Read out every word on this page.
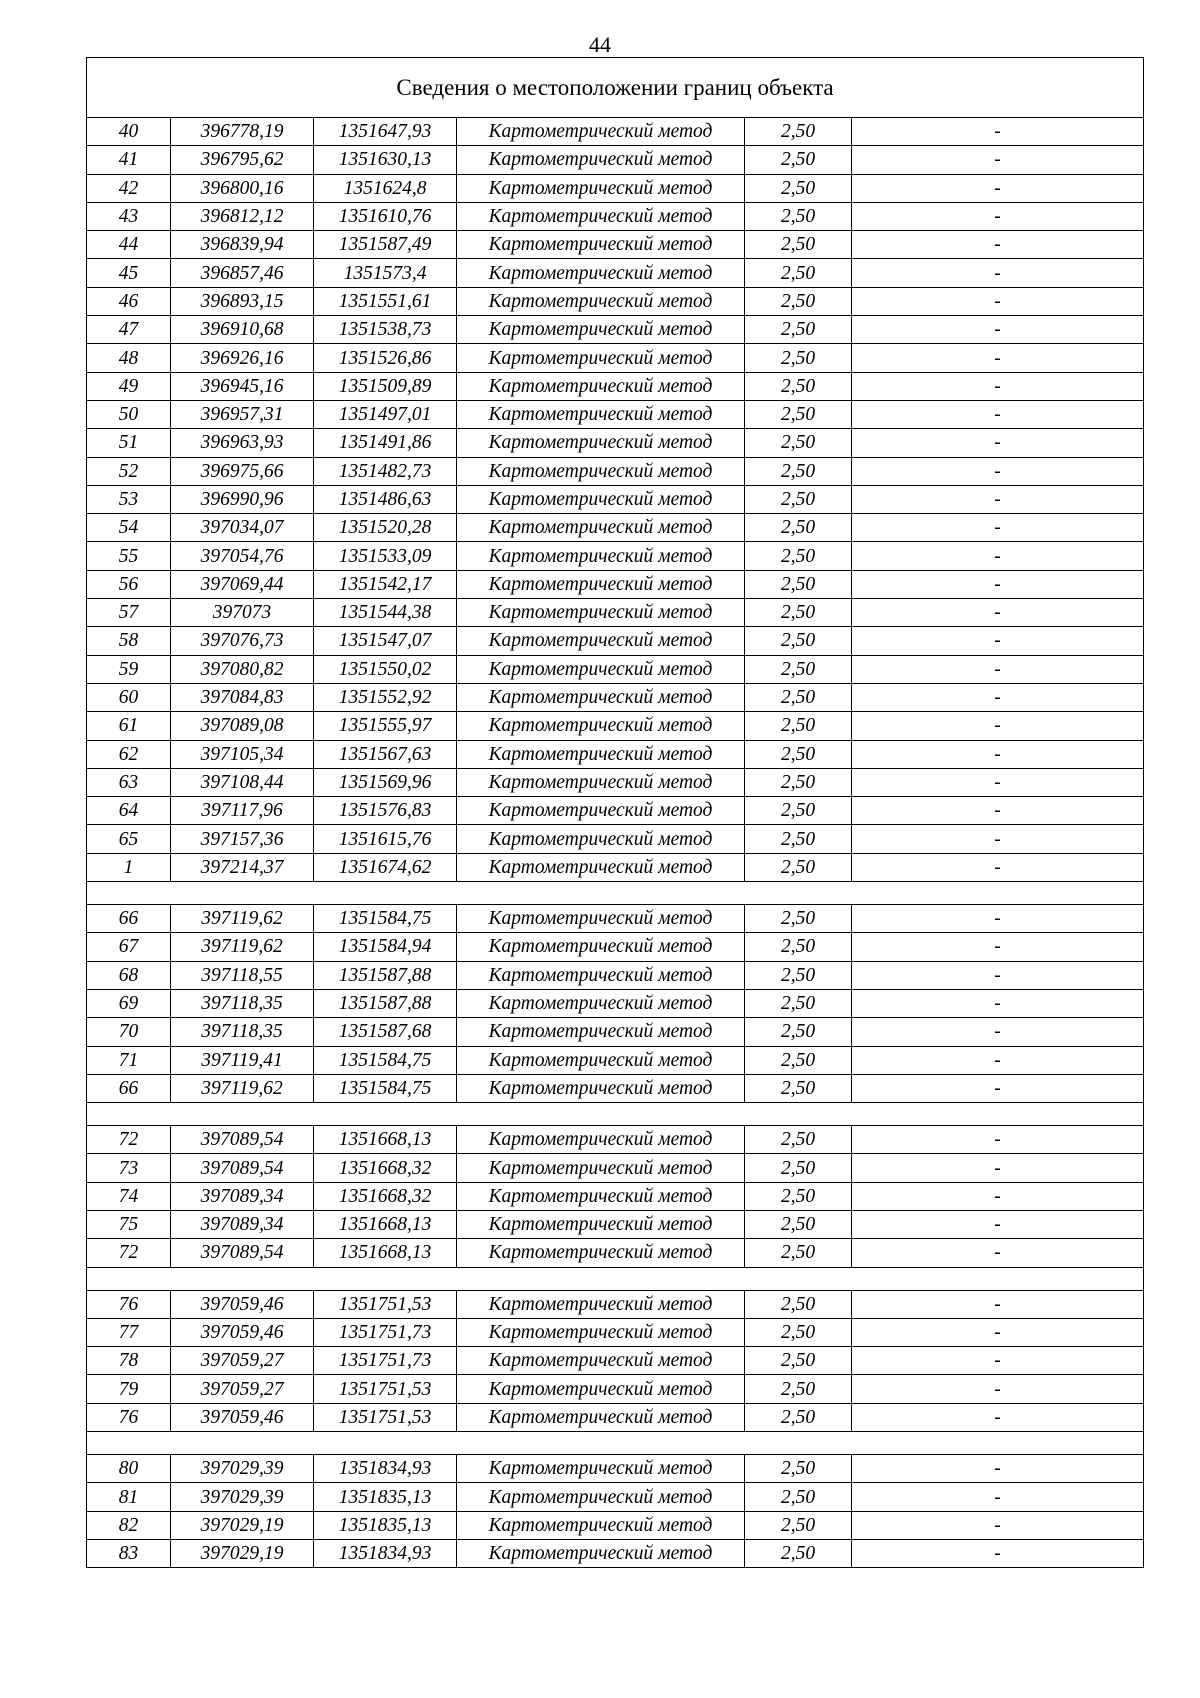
44
Сведения о местоположении границ объекта					
40	396778,19	1351647,93	Картометрический метод	2,50	-
41	396795,62	1351630,13	Картометрический метод	2,50	-
42	396800,16	1351624,8	Картометрический метод	2,50	-
43	396812,12	1351610,76	Картометрический метод	2,50	-
44	396839,94	1351587,49	Картометрический метод	2,50	-
45	396857,46	1351573,4	Картометрический метод	2,50	-
46	396893,15	1351551,61	Картометрический метод	2,50	-
47	396910,68	1351538,73	Картометрический метод	2,50	-
48	396926,16	1351526,86	Картометрический метод	2,50	-
49	396945,16	1351509,89	Картометрический метод	2,50	-
50	396957,31	1351497,01	Картометрический метод	2,50	-
51	396963,93	1351491,86	Картометрический метод	2,50	-
52	396975,66	1351482,73	Картометрический метод	2,50	-
53	396990,96	1351486,63	Картометрический метод	2,50	-
54	397034,07	1351520,28	Картометрический метод	2,50	-
55	397054,76	1351533,09	Картометрический метод	2,50	-
56	397069,44	1351542,17	Картометрический метод	2,50	-
57	397073	1351544,38	Картометрический метод	2,50	-
58	397076,73	1351547,07	Картометрический метод	2,50	-
59	397080,82	1351550,02	Картометрический метод	2,50	-
60	397084,83	1351552,92	Картометрический метод	2,50	-
61	397089,08	1351555,97	Картометрический метод	2,50	-
62	397105,34	1351567,63	Картометрический метод	2,50	-
63	397108,44	1351569,96	Картометрический метод	2,50	-
64	397117,96	1351576,83	Картометрический метод	2,50	-
65	397157,36	1351615,76	Картометрический метод	2,50	-
1	397214,37	1351674,62	Картометрический метод	2,50	-

66	397119,62	1351584,75	Картометрический метод	2,50	-
67	397119,62	1351584,94	Картометрический метод	2,50	-
68	397118,55	1351587,88	Картометрический метод	2,50	-
69	397118,35	1351587,88	Картометрический метод	2,50	-
70	397118,35	1351587,68	Картометрический метод	2,50	-
71	397119,41	1351584,75	Картометрический метод	2,50	-
66	397119,62	1351584,75	Картометрический метод	2,50	-

72	397089,54	1351668,13	Картометрический метод	2,50	-
73	397089,54	1351668,32	Картометрический метод	2,50	-
74	397089,34	1351668,32	Картометрический метод	2,50	-
75	397089,34	1351668,13	Картометрический метод	2,50	-
72	397089,54	1351668,13	Картометрический метод	2,50	-

76	397059,46	1351751,53	Картометрический метод	2,50	-
77	397059,46	1351751,73	Картометрический метод	2,50	-
78	397059,27	1351751,73	Картометрический метод	2,50	-
79	397059,27	1351751,53	Картометрический метод	2,50	-
76	397059,46	1351751,53	Картометрический метод	2,50	-

80	397029,39	1351834,93	Картометрический метод	2,50	-
81	397029,39	1351835,13	Картометрический метод	2,50	-
82	397029,19	1351835,13	Картометрический метод	2,50	-
83	397029,19	1351834,93	Картометрический метод	2,50	-
